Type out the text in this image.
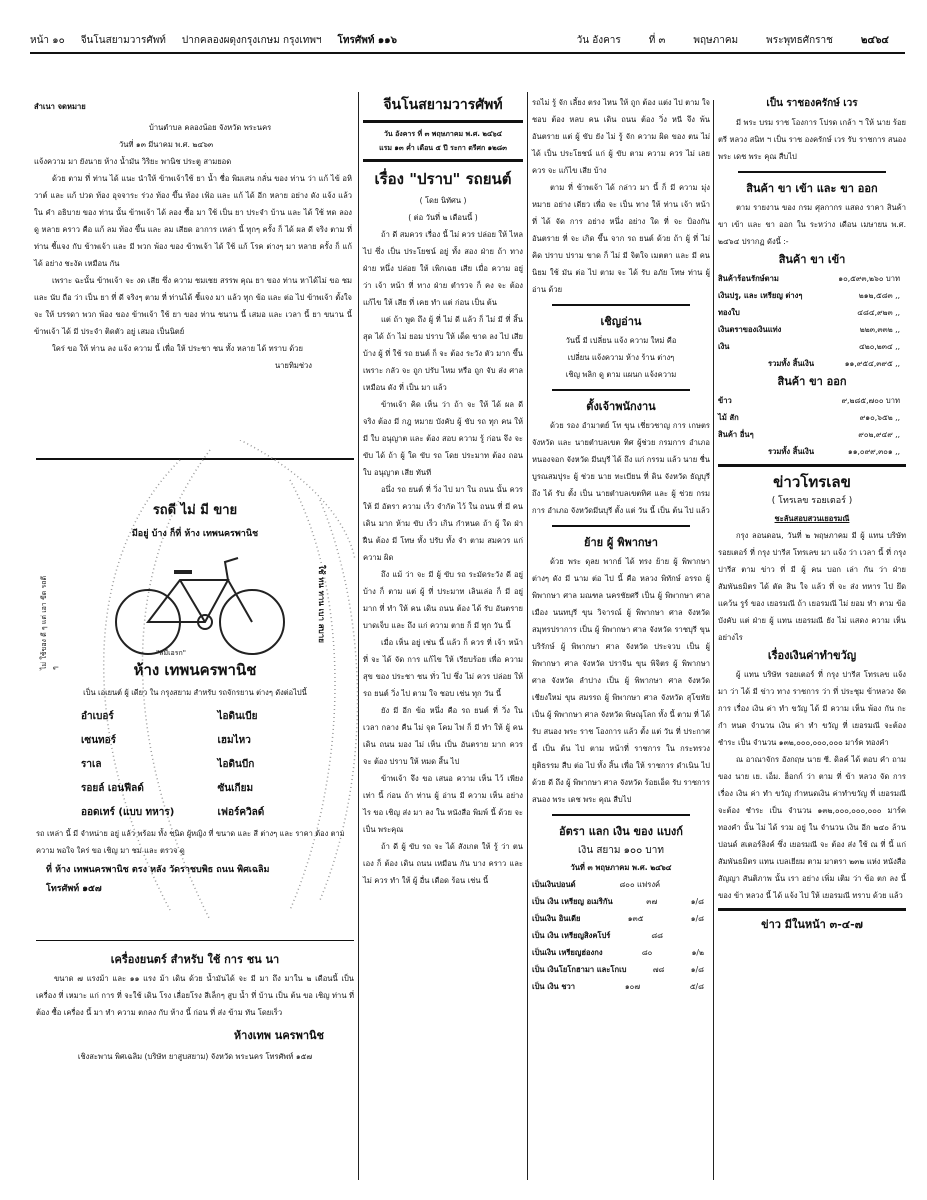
หน้า ๑๐ จีนโนสยามวารศัพท์ ปากคลองผดุงกรุงเกษม กรุงเทพฯ โทรศัพท์ ๑๑๖	วัน อังคาร	ที่ ๓	พฤษภาคม	พระพุทธศักราช	๒๔๖๔
สำเนา จดหมาย
บ้านตำบล คลองน้อย จังหวัด พระนคร
วันที่ ๑๓ มีนาคม พ.ศ. ๒๔๖๓

แจ้งความ มา ยังนาย ห้าง น้ำมัน วิริยะ พานิช ประตู สามยอด

ด้วย ตาม ที่ ท่าน ได้ แนะ นำให้ ข้าพเจ้าใช้ ยา น้ำ ชื่อ พิมเสน กลั่น ของ ท่าน ว่า แก้ ไข้ อหิวาต์ และ แก้ ปวด ท้อง อุจจาระ ร่วง ท้อง ขึ้น ท้อง เฟ้อ และ แก้ ได้ อีก หลาย อย่าง ดัง แจ้ง แล้ว ใน คำ อธิบาย ของ ท่าน นั้น ข้าพเจ้า ได้ ลอง ซื้อ มา ใช้ เป็น ยา ประจำ บ้าน และ ได้ ใช้ ทด ลอง ดู หลาย คราว คือ แก้ ลม ท้อง ขึ้น และ ลม เสียด อาการ เหล่า นี้ ทุกๆ ครั้ง ก็ ได้ ผล ดี จริง ตาม ที่ ท่าน ชี้แจง กับ ข้าพเจ้า และ มี พวก พ้อง ของ ข้าพเจ้า ได้ ใช้ แก้ โรค ต่างๆ มา หลาย ครั้ง ก็ แก้ ได้ อย่าง ชะงัด เหมือน กัน

เพราะ ฉะนั้น ข้าพเจ้า จะ งด เสีย ซึ่ง ความ ชมเชย สรรพ คุณ ยา ของ ท่าน หาได้ไม่ ขอ ชม และ นับ ถือ ว่า เป็น ยา ที่ ดี จริงๆ ตาม ที่ ท่านได้ ชี้แจง มา แล้ว ทุก ข้อ และ ต่อ ไป ข้าพเจ้า ตั้งใจ จะ ให้ บรรดา พวก พ้อง ของ ข้าพเจ้า ใช้ ยา ของ ท่าน ชนาน นี้ เสมอ และ เวลา นี้ ยา ขนาน นี้ ข้าพเจ้า ได้ มี ประจำ ติดตัว อยู่ เสมอ เป็นนิตย์

ใคร่ ขอ ให้ ท่าน ลง แจ้ง ความ นี้ เพื่อ ให้ ประชา ชน ทั้ง หลาย ได้ ทราบ ด้วย

นายทิมช่วง
รถดี ไม่ มี ขาย
มีอยู่ บ้าง ก็ที่ ห้าง เทพนครพานิช
ไม่ ใช้ของ ดี ๆ แต่ เอา ขีด รถดี ๆ
ใช้ ทน ทาน เบา สบาย
"สมีเอรก"
ห้าง เทพนครพานิช
เป็น เอเยนต์ ผู้ เดียว ใน กรุงสยาม สำหรับ รถจักรยาน ต่างๆ ดังต่อไปนี้
อำเบอร์	ไอดินเบีย
เซนทอร์	เฮมไหว
ราเล	ไอดินบีก
รอยล์ เอนฟีลด์	ซันเกียม
ออดเทร์ (แบบ ทหาร)	เฟอร์ควิลด์
รถ เหล่า นี้ มี จำหน่าย อยู่ แล้ว พร้อม ทั้ง ชนิด ผู้หญิง ที่ ขนาด และ สี ต่างๆ และ ราคา ต้อง ตาม ความ พอใจ ใคร่ ขอ เชิญ มา ชม และ ตรวจ ดู
ที่ ห้าง เทพนครพานิช ตรง หลัง วัดราชบพิธ ถนน พิศเฉลิม
โทรศัพท์ ๑๕๗
เครื่องยนตร์ สำหรับ ใช้ การ ชน นา

ขนาด ๗ แรงม้า และ ๑๑ แรง ม้า เดิน ด้วย น้ำมันได้ จะ มี มา ถึง มาใน ๒ เดือนนี้ เป็น เครื่อง ที่ เหมาะ แก่ การ ที่ จะใช้ เดิน โรง เลื่อยโรง สีเล็กๆ สูบ น้ำ ที่ บ้าน เป็น ต้น ขอ เชิญ ท่าน ที่ ต้อง ซื้อ เครื่อง นี้ มา ทำ ความ ตกลง กับ ห้าง นี้ ก่อน ที่ ส่ง ข้าม ทัน โดยเร็ว

ห้างเทพ นครพานิช
เชิงสะพาน พิศเฉลิม (บริษัท ยาสูบสยาม) จังหวัด พระนคร โทรศัพท์ ๑๕๗
จีนโนสยามวารศัพท์
วัน อังคาร ที่ ๓ พฤษภาคม พ.ศ. ๒๔๖๔
แรม ๑๓ ค่ำ เดือน ๕ ปี ระกา ตรีศก ๑๒๘๓
เรื่อง "ปราบ" รถยนต์
( โดย นิทัศน )
( ต่อ วันที่ ๒ เดือนนี้ )

ถ้า ดี สมควร เรื่อง นี้ ไม่ ควร ปล่อย ให้ ไหล ไป ซึ่ง เป็น ประโยชน์ อยู่ ทั้ง สอง ฝ่าย ถ้า ทาง ฝ่าย หนึ่ง ปล่อย ให้ เพิกเฉย เสีย เมื่อ ความ อยู่ ว่า เจ้า หน้า ที่ ทาง ฝ่าย ตำรวจ ก็ คง จะ ต้อง แก้ไข ให้ เสีย ที่ เคย ทำ แต่ ก่อน เป็น ต้น

แต่ ถ้า พูด ถึง ผู้ ที่ ไม่ ดี แล้ว ก็ ไม่ มี ที่ สิ้น สุด ได้ ถ้า ไม่ ยอม ปราบ ให้ เด็ด ขาด ลง ไป เสีย บ้าง ผู้ ที่ ใช้ รถ ยนต์ ก็ จะ ต้อง ระวัง ตัว มาก ขึ้น เพราะ กลัว จะ ถูก ปรับ ไหม หรือ ถูก จับ ส่ง ศาล เหมือน ดัง ที่ เป็น มา แล้ว

ข้าพเจ้า คิด เห็น ว่า ถ้า จะ ให้ ได้ ผล ดี จริง ต้อง มี กฎ หมาย บังคับ ผู้ ขับ รถ ทุก คน ให้ มี ใบ อนุญาต และ ต้อง สอบ ความ รู้ ก่อน จึง จะ ขับ ได้ ถ้า ผู้ ใด ขับ รถ โดย ประมาท ต้อง ถอน ใบ อนุญาต เสีย ทันที

อนึ่ง รถ ยนต์ ที่ วิ่ง ไป มา ใน ถนน นั้น ควร ให้ มี อัตรา ความ เร็ว จำกัด ไว้ ใน ถนน ที่ มี คน เดิน มาก ห้าม ขับ เร็ว เกิน กำหนด ถ้า ผู้ ใด ฝ่า ฝืน ต้อง มี โทษ ทั้ง ปรับ ทั้ง จำ ตาม สมควร แก่ ความ ผิด

ถึง แม้ ว่า จะ มี ผู้ ขับ รถ ระมัดระวัง ดี อยู่ บ้าง ก็ ตาม แต่ ผู้ ที่ ประมาท เลินเล่อ ก็ มี อยู่ มาก ที่ ทำ ให้ คน เดิน ถนน ต้อง ได้ รับ อันตราย บาดเจ็บ และ ถึง แก่ ความ ตาย ก็ มี ทุก วัน นี้

เมื่อ เห็น อยู่ เช่น นี้ แล้ว ก็ ควร ที่ เจ้า หน้า ที่ จะ ได้ จัด การ แก้ไข ให้ เรียบร้อย เพื่อ ความ สุข ของ ประชา ชน ทั่ว ไป ซึ่ง ไม่ ควร ปล่อย ให้ รถ ยนต์ วิ่ง ไป ตาม ใจ ชอบ เช่น ทุก วัน นี้

ยัง มี อีก ข้อ หนึ่ง คือ รถ ยนต์ ที่ วิ่ง ใน เวลา กลาง คืน ไม่ จุด โคม ไฟ ก็ มี ทำ ให้ ผู้ คน เดิน ถนน มอง ไม่ เห็น เป็น อันตราย มาก ควร จะ ต้อง ปราบ ให้ หมด สิ้น ไป

ข้าพเจ้า จึง ขอ เสนอ ความ เห็น ไว้ เพียง เท่า นี้ ก่อน ถ้า ท่าน ผู้ อ่าน มี ความ เห็น อย่าง ไร ขอ เชิญ ส่ง มา ลง ใน หนังสือ พิมพ์ นี้ ด้วย จะ เป็น พระคุณ

ถ้า ดี ผู้ ขับ รถ จะ ได้ สังเกต ให้ รู้ ว่า ตน เอง ก็ ต้อง เดิน ถนน เหมือน กัน บาง คราว และ ไม่ ควร ทำ ให้ ผู้ อื่น เดือด ร้อน เช่น นี้

รถไม่ รู้ จัก เลี้ยง ตรง ไหน ให้ ถูก ต้อง แต่ง ไป ตาม ใจ ชอบ ต้อง หลบ คน เดิน ถนน ต้อง วิ่ง หนี จึง พ้น อันตราย แต่ ผู้ ขับ ยัง ไม่ รู้ จัก ความ ผิด ของ ตน ไม่ ได้ เป็น ประโยชน์ แก่ ผู้ ขับ ตาม ความ ควร ไม่ เลย ควร จะ แก้ไข เสีย บ้าง

ตาม ที่ ข้าพเจ้า ได้ กล่าว มา นี้ ก็ มี ความ มุ่ง หมาย อย่าง เดียว เพื่อ จะ เป็น ทาง ให้ ท่าน เจ้า หน้า ที่ ได้ จัด การ อย่าง หนึ่ง อย่าง ใด ที่ จะ ป้องกัน อันตราย ที่ จะ เกิด ขึ้น จาก รถ ยนต์ ด้วย ถ้า ผู้ ที่ ไม่ คิด ปราบ ปราม ขาด ก็ ไม่ มี จิตใจ เมตตา และ มี คน นิยม ใช้ มัน ต่อ ไป ตาม จะ ได้ รับ อภัย โทษ ท่าน ผู้ อ่าน ด้วย

เชิญอ่าน
วันนี้ มี เปลี่ยน แจ้ง ความ ใหม่ คือ
เปลี่ยน แจ้งความ ห้าง ร้าน ต่างๆ
เชิญ พลิก ดู ตาม แผนก แจ้งความ
ตั้งเจ้าพนักงาน

ด้วย รอง อำมาตย์ โท ขุน เชี่ยวชาญ การ เกษตร จังหวัด และ นายตำบลเขต ทิศ ผู้ช่วย กรมการ อำเภอหนองจอก จังหวัด มีนบุรี ได้ ถึง แก่ กรรม แล้ว นาย ชื่น บูรณสมปุระ ผู้ ช่วย นาย ทะเบียน ที่ ดิน จังหวัด ธัญบุรี ถึง ได้ รับ ตั้ง เป็น นายตำบลเขตทิศ และ ผู้ ช่วย กรมการ อำเภอ จังหวัดมีนบุรี ตั้ง แต่ วัน นี้ เป็น ต้น ไป แล้ว

ย้าย ผู้ พิพากษา

ด้วย พระ ดุลย พากย์ ได้ ทรง ย้าย ผู้ พิพากษา ต่างๆ ดัง มี นาม ต่อ ไป นี้ คือ หลวง พิทักษ์ อรรถ ผู้ พิพากษา ศาล มณฑล นครชัยศรี เป็น ผู้ พิพากษา ศาล เมือง นนทบุรี ขุน วิจารณ์ ผู้ พิพากษา ศาล จังหวัด สมุทรปราการ เป็น ผู้ พิพากษา ศาล จังหวัด ราชบุรี ขุน บริรักษ์ ผู้ พิพากษา ศาล จังหวัด ประจวบ เป็น ผู้ พิพากษา ศาล จังหวัด ปราจีน ขุน พิจิตร ผู้ พิพากษา ศาล จังหวัด ลำปาง เป็น ผู้ พิพากษา ศาล จังหวัด เชียงใหม่ ขุน สมรรถ ผู้ พิพากษา ศาล จังหวัด สุโขทัย เป็น ผู้ พิพากษา ศาล จังหวัด พิษณุโลก ทั้ง นี้ ตาม ที่ ได้ รับ สนอง พระ ราช โองการ แล้ว ตั้ง แต่ วัน ที่ ประกาศ นี้ เป็น ต้น ไป ตาม หน้าที่ ราชการ ใน กระทรวง ยุติธรรม สืบ ต่อ ไป ทั้ง สิ้น เพื่อ ให้ ราชการ ดำเนิน ไป ด้วย ดี ถึง ผู้ พิพากษา ศาล จังหวัด ร้อยเอ็ด รับ ราชการ สนอง พระ เดช พระ คุณ สืบไป

อัตรา แลก เงิน ของ แบงก์
เงิน สยาม ๑๐๐ บาท
วันที่ ๓ พฤษภาคม พ.ศ. ๒๔๖๔
เป็นเงินปอนด์	๘๐๐ แฟรงค์
เป็น เงิน เหรียญ อเมริกัน	๓๗	๑/๘
เป็นเงิน อินเดีย	๑๓๕	๑/๘
เป็น เงิน เหรียญสิงคโปร์	๘๘
เป็นเงิน เหรียญฮ่องกง	๘๐	๑/๒
เป็น เงินโยโกฮามา และโกเบ	๗๘	๑/๘
เป็น เงิน ชวา	๑๐๗	๕/๘
เป็น ราชองครักษ์ เวร

มี พระ บรม ราช โองการ โปรด เกล้า ฯ ให้ นาย ร้อย ตรี หลวง สนิท ฯ เป็น ราช องครักษ์ เวร รับ ราชการ สนอง พระ เดช พระ คุณ สืบไป

สินค้า ขา เข้า และ ขา ออก

ตาม รายงาน ของ กรม ศุลกากร แสดง ราคา สินค้า ขา เข้า และ ขา ออก ใน ระหว่าง เดือน เมษายน พ.ศ. ๒๔๖๔ ปรากฏ ดังนี้ :-

สินค้า ขา เข้า
สินค้าร้อนรักษ์ตาม	๑๐,๕๙๓,๒๖๐ บาท
เงินปรู, และ เหรียญ ต่างๆ	๒๑๒,๕๘๓ ,,
ทองใบ	๔๘๔,๙๒๓ ,,
เงินตราของเงินแท่ง	๒๒๓,๓๓๒ ,,
เงิน	๔๒๐,๒๓๔ ,,
รวมทั้ง สิ้นเงิน	๑๑,๙๕๔,๓๙๕ ,,
สินค้า ขา ออก
ข้าว	๙,๒๘๕,๗๐๐ บาท
ไม้ สัก	๙๑๐,๖๕๒ ,,
สินค้า อื่นๆ	๙๐๒,๙๔๙ ,,
รวมทั้ง สิ้นเงิน	๑๑,๐๙๙,๓๐๑ ,,
ข่าวโทรเลข
( โทรเลข รอยเตอร์ )
ชะลันสอบสวนเยอรมณี

กรุง ลอนดอน, วันที่ ๒ พฤษภาคม มี ผู้ แทน บริษัท รอยเตอร์ ที่ กรุง ปารีส โทรเลข มา แจ้ง ว่า เวลา นี้ ที่ กรุง ปารีส ตาม ข่าว ที่ มี ผู้ คน บอก เล่า กัน ว่า ฝ่าย สัมพันธมิตร ได้ ตัด สิน ใจ แล้ว ที่ จะ ส่ง ทหาร ไป ยึด แคว้น รูร์ ของ เยอรมณี ถ้า เยอรมณี ไม่ ยอม ทำ ตาม ข้อ บังคับ แต่ ฝ่าย ผู้ แทน เยอรมณี ยัง ไม่ แสดง ความ เห็น อย่างไร

เรื่องเงินค่าทำขวัญ

ผู้ แทน บริษัท รอยเตอร์ ที่ กรุง ปารีส โทรเลข แจ้ง มา ว่า ได้ มี ข่าว ทาง ราชการ ว่า ที่ ประชุม ข้าหลวง จัด การ เรื่อง เงิน ค่า ทำ ขวัญ ได้ มี ความ เห็น พ้อง กัน กะ กำ หนด จำนวน เงิน ค่า ทำ ขวัญ ที่ เยอรมณี จะต้อง ชำระ เป็น จำนวน ๑๓๒,๐๐๐,๐๐๐,๐๐๐ มาร์ค ทองคำ

ณ อาณาจักร อังกฤษ นาย ซี. ดิลค์ ได้ ตอบ คำ ถาม ของ นาย เย. เอ็ม. ฮ็อกก์ ว่า ตาม ที่ ข้า หลวง จัด การ เรื่อง เงิน ค่า ทำ ขวัญ กำหนดเงิน ค่าทำขวัญ ที่ เยอรมณี จะต้อง ชำระ เป็น จำนวน ๑๓๒,๐๐๐,๐๐๐,๐๐๐ มาร์ค ทองคำ นั้น ไม่ ได้ รวม อยู่ ใน จำนวน เงิน อีก ๒๔๐ ล้าน ปอนด์ สเตอร์ลิงค์ ซึ่ง เยอรมณี จะ ต้อง ส่ง ใช้ ณ ที่ นี้ แก่ สัมพันธมิตร แทน เบลเยียม ตาม มาตรา ๒๓๒ แห่ง หนังสือ สัญญา สันติภาพ นั้น เรา อย่าง เพิ่ม เติม ว่า ข้อ ตก ลง นี้ ของ ข้า หลวง นี้ ได้ แจ้ง ไป ให้ เยอรมณี ทราบ ด้วย แล้ว

ข่าว มีในหน้า ๓-๔-๗
